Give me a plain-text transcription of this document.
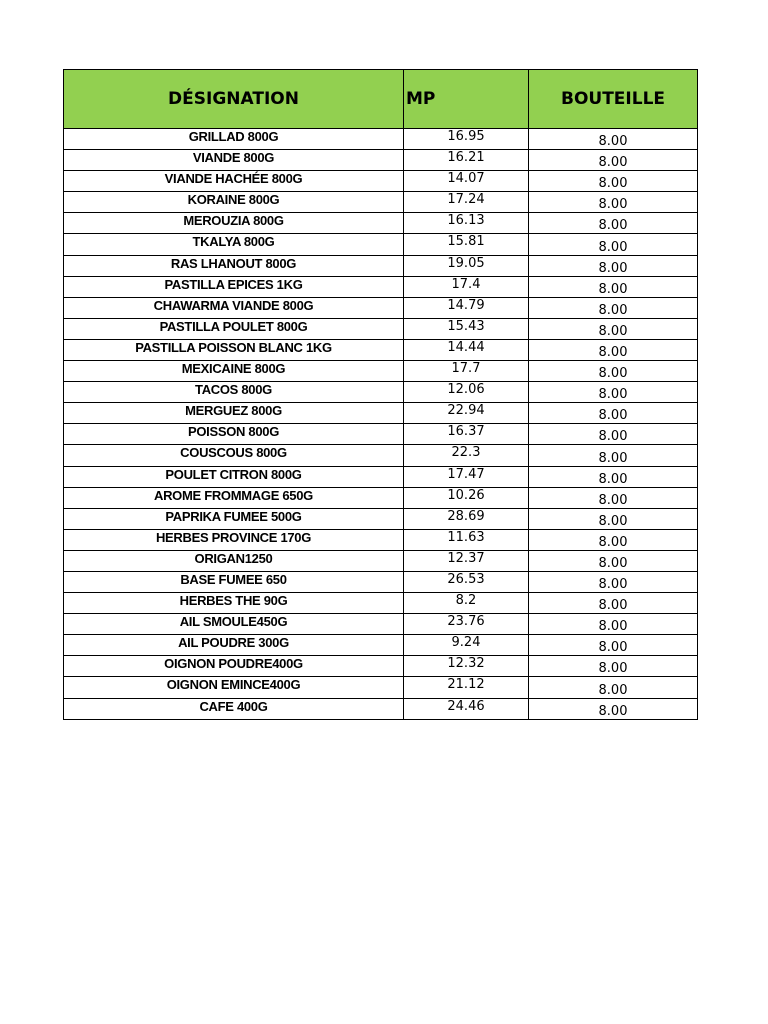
DÉSIGNATION	MP	BOUTEILLE
GRILLAD 800G	16.95	8.00
VIANDE 800G	16.21	8.00
VIANDE HACHÉE 800G	14.07	8.00
KORAINE 800G	17.24	8.00
MEROUZIA 800G	16.13	8.00
TKALYA 800G	15.81	8.00
RAS LHANOUT 800G	19.05	8.00
PASTILLA EPICES 1KG	17.4	8.00
CHAWARMA VIANDE 800G	14.79	8.00
PASTILLA POULET 800G	15.43	8.00
PASTILLA POISSON BLANC 1KG	14.44	8.00
MEXICAINE 800G	17.7	8.00
TACOS 800G	12.06	8.00
MERGUEZ 800G	22.94	8.00
POISSON 800G	16.37	8.00
COUSCOUS 800G	22.3	8.00
POULET CITRON 800G	17.47	8.00
AROME FROMMAGE 650G	10.26	8.00
PAPRIKA FUMEE 500G	28.69	8.00
HERBES PROVINCE 170G	11.63	8.00
ORIGAN1250	12.37	8.00
BASE FUMEE 650	26.53	8.00
HERBES THE 90G	8.2	8.00
AIL SMOULE450G	23.76	8.00
AIL POUDRE 300G	9.24	8.00
OIGNON POUDRE400G	12.32	8.00
OIGNON EMINCE400G	21.12	8.00
CAFE 400G	24.46	8.00
